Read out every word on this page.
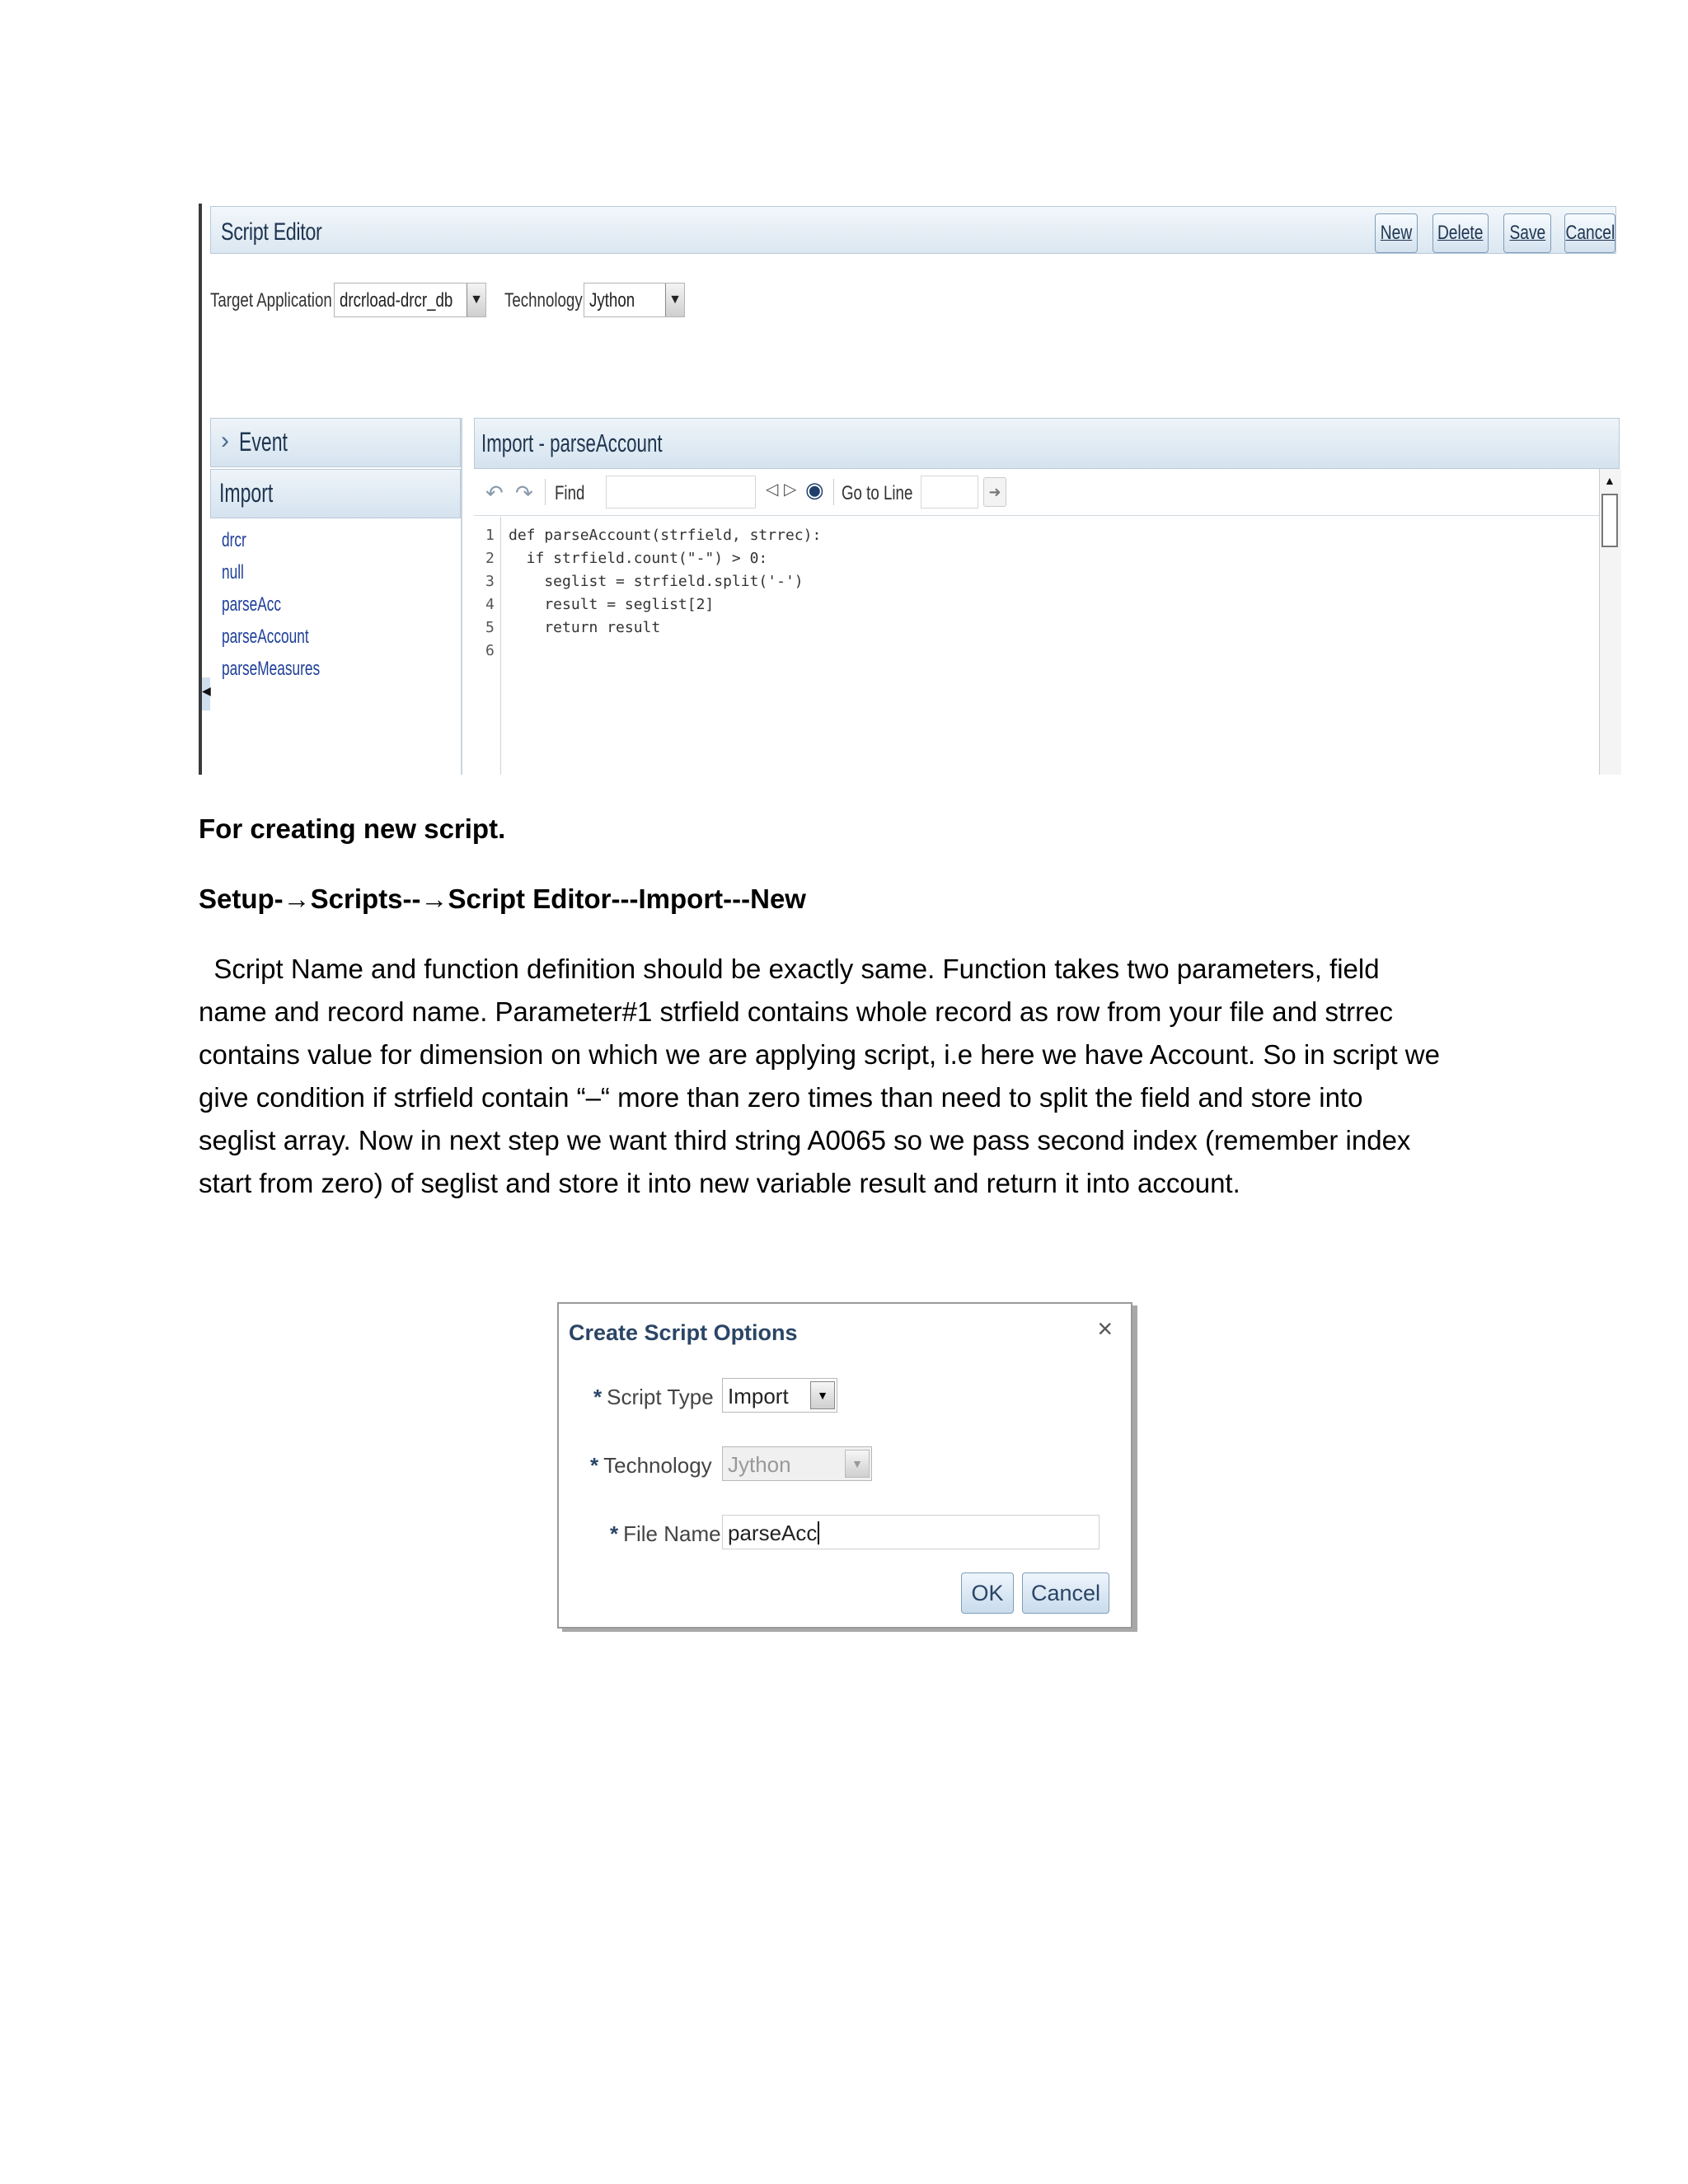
Script Editor	New Delete Save Cancel
Target Application drcrload-drcr_db ▼ Technology Jython	▼
› Event
Import
drcr
null
parseAcc
parseAccount
parseMeasures
◀
Import - parseAccount
↶ ↷ Find	◁ ▷ ◉ Go to Line	➜
1
2
3
4
5
6
def parseAccount(strfield, strrec):
if strfield.count("-") > 0:
seglist = strfield.split('-')
result = seglist[2]
return result
▲
For creating new script.
Setup-→Scripts--→Script Editor---Import---New
Script Name and function definition should be exactly same. Function takes two parameters, field
name and record name. Parameter#1 strfield contains whole record as row from your file and strrec
contains value for dimension on which we are applying script, i.e here we have Account. So in script we
give condition if strfield contain “–“ more than zero times than need to split the field and store into
seglist array. Now in next step we want third string A0065 so we pass second index (remember index
start from zero) of seglist and store it into new variable result and return it into account.
Create Script Options	×
* Script Type Import	▼
* Technology Jython	▼
* File Name parseAcc
OK	Cancel
